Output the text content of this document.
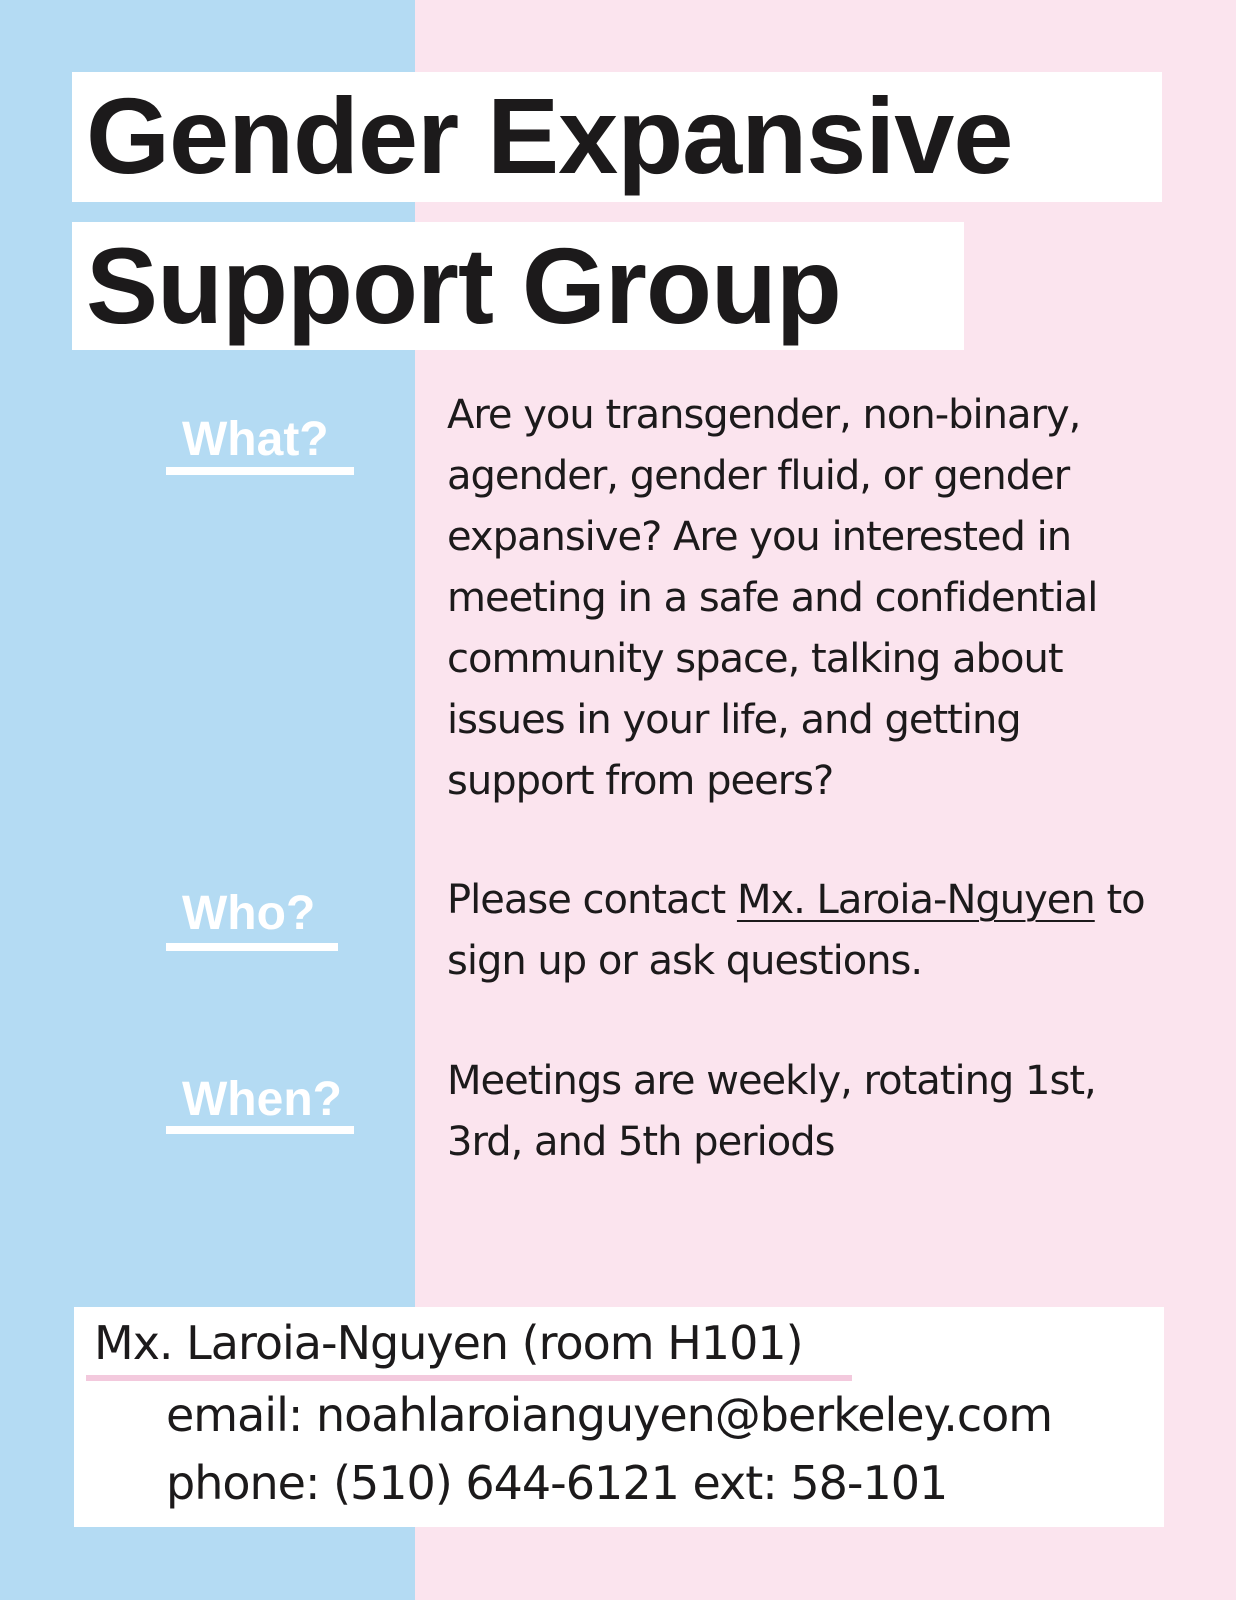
Gender Expansive
Support Group
What?	Are you transgender, non-binary, agender, gender fluid, or gender expansive? Are you interested in meeting in a safe and confidential community space, talking about issues in your life, and getting support from peers?
Who?	Please contact Mx. Laroia-Nguyen to sign up or ask questions.
When?	Meetings are weekly, rotating 1st, 3rd, and 5th periods
Mx. Laroia-Nguyen (room H101)
email: noahlaroianguyen@berkeley.com
phone: (510) 644-6121 ext: 58-101
